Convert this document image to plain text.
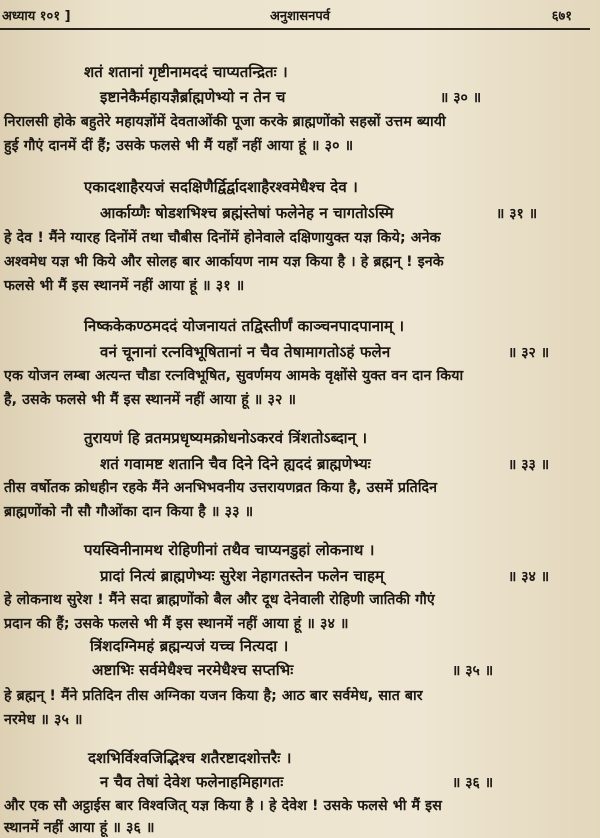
अध्याय १०१ ]	अनुशासनपर्व	६७१
शतं शतानां गृष्टीनामददं चाप्यतन्द्रितः ।
इष्टानेकैर्महायज्ञैर्ब्राह्मणेभ्यो न तेन च	॥ ३० ॥
निरालसी होके बहुतेरे महायज्ञोंमें देवताओंकी पूजा करके ब्राह्मणोंको सहस्रों उत्तम ब्यायी
हुई गौएं दानमें दीं हैं; उसके फलसे भी मैं यहाँ नहीं आया हूं ॥ ३० ॥
एकादशाहैरयजं सदक्षिणैर्द्विर्द्वादशाहैरश्वमेधैश्च देव ।
आर्काय्णैः षोडशभिश्च ब्रह्मंस्तेषां फलेनेह न चागतोऽस्मि	॥ ३१ ॥
हे देव ! मैंने ग्यारह दिनोंमें तथा चौबीस दिनोंमें होनेवाले दक्षिणायुक्त यज्ञ किये; अनेक
अश्वमेध यज्ञ भी किये और सोलह बार आर्कायण नाम यज्ञ किया है । हे ब्रह्मन् ! इनके
फलसे भी मैं इस स्थानमें नहीं आया हूं ॥ ३१ ॥
निष्ककेकण्ठमददं योजनायतं तद्विस्तीर्णं काञ्चनपादपानाम् ।
वनं चूनानां रत्नविभूषितानां न चैव तेषामागतोऽहं फलेन	॥ ३२ ॥
एक योजन लम्बा अत्यन्त चौडा रत्नविभूषित, सुवर्णमय आमके वृक्षोंसे युक्त वन दान किया
है, उसके फलसे भी मैं इस स्थानमें नहीं आया हूं ॥ ३२ ॥
तुरायणं हि व्रतमप्रधृष्यमक्रोधनोऽकरवं त्रिंशतोऽब्दान् ।
शतं गवामष्ट शतानि चैव दिने दिने ह्यददं ब्राह्मणेभ्यः	॥ ३३ ॥
तीस वर्षोतक क्रोधहीन रहके मैंने अनभिभवनीय उत्तरायणव्रत किया है, उसमें प्रतिदिन
ब्राह्मणोंको नौ सौ गौओंका दान किया है ॥ ३३ ॥
पयस्विनीनामथ रोहिणीनां तथैव चाप्यनडुहां लोकनाथ ।
प्रादां नित्यं ब्राह्मणेभ्यः सुरेश नेहागतस्तेन फलेन चाहम्	॥ ३४ ॥
हे लोकनाथ सुरेश ! मैंने सदा ब्राह्मणोंको बैल और दूध देनेवाली रोहिणी जातिकी गौएं
प्रदान की हैं; उसके फलसे भी मैं इस स्थानमें नहीं आया हूं ॥ ३४ ॥
त्रिंशदग्निमहं ब्रह्मन्यजं यच्च नित्यदा ।
अष्टाभिः सर्वमेधैश्च नरमेधैश्च सप्तभिः	॥ ३५ ॥
हे ब्रह्मन् ! मैंने प्रतिदिन तीस अग्निका यजन किया है; आठ बार सर्वमेध, सात बार
नरमेध ॥ ३५ ॥
दशभिर्विश्वजिद्भिश्च शतैरष्टादशोत्तरैः ।
न चैव तेषां देवेश फलेनाहमिहागतः	॥ ३६ ॥
और एक सौ अट्ठाईस बार विश्वजित् यज्ञ किया है । हे देवेश ! उसके फलसे भी मैं इस
स्थानमें नहीं आया हूं ॥ ३६ ॥
